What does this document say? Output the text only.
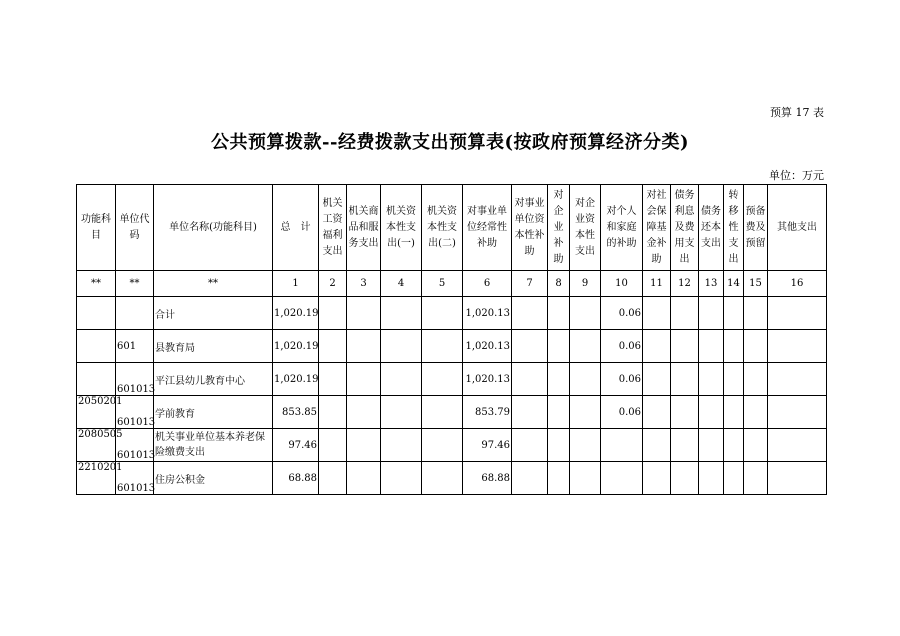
预算 17 表
公共预算拨款--经费拨款支出预算表(按政府预算经济分类)
单位：万元
功能科目	单位代码	单位名称(功能科目)	总　计	机关工资福利支出	机关商品和服务支出	机关资本性支出(一)	机关资本性支出(二)	对事业单位经常性补助	对事业单位资本性补助	对企业补助	对企业资本性支出	对个人和家庭的补助	对社会保障基金补助	债务利息及费用支出	债务还本支出	转移性支出	预备费及预留	其他支出
**	**	**	1	2	3	4	5	6	7	8	9	10	11	12	13	14	15	16
		合计	1,020.19					1,020.13				0.06						
	601	县教育局	1,020.19					1,020.13				0.06						
	601013	平江县幼儿教育中心	1,020.19					1,020.13				0.06						
2050201	601013	学前教育	853.85					853.79				0.06						
2080505	601013	机关事业单位基本养老保险缴费支出	97.46					97.46										
2210201	601013	住房公积金	68.88					68.88										
